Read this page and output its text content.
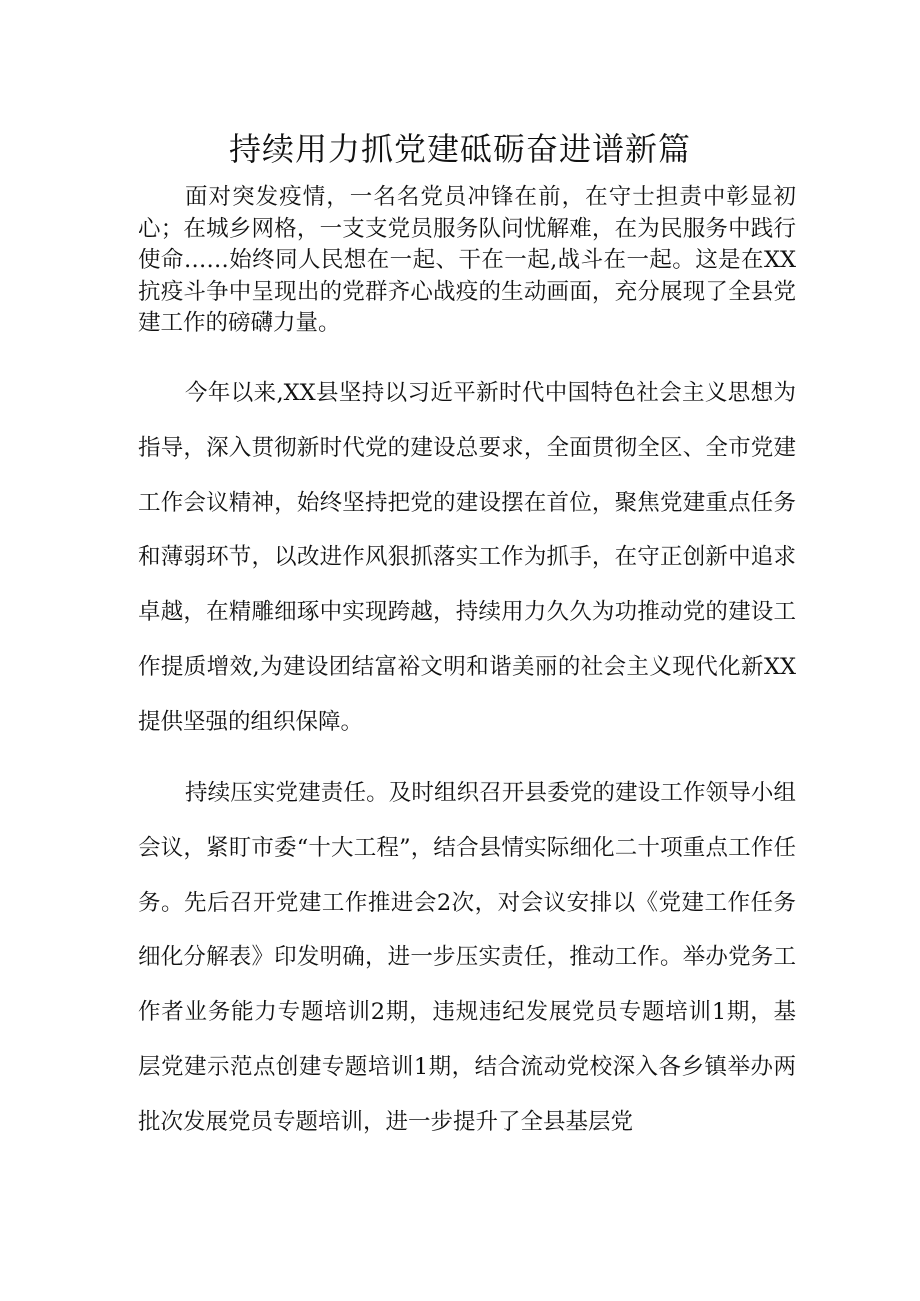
持续用力抓党建砥砺奋进谱新篇

面对突发疫情，一名名党员冲锋在前，在守士担责中彰显初心；在城乡网格，一支支党员服务队问忧解难，在为民服务中践行使命……始终同人民想在一起、干在一起,战斗在一起。这是在XX抗疫斗争中呈现出的党群齐心战疫的生动画面，充分展现了全县党建工作的磅礴力量。

今年以来,XX县坚持以习近平新时代中国特色社会主义思想为指导，深入贯彻新时代党的建设总要求，全面贯彻全区、全市党建工作会议精神，始终坚持把党的建设摆在首位，聚焦党建重点任务和薄弱环节，以改进作风狠抓落实工作为抓手，在守正创新中追求卓越，在精雕细琢中实现跨越，持续用力久久为功推动党的建设工作提质增效,为建设团结富裕文明和谐美丽的社会主义现代化新XX提供坚强的组织保障。

持续压实党建责任。及时组织召开县委党的建设工作领导小组会议，紧盯市委“十大工程”，结合县情实际细化二十项重点工作任务。先后召开党建工作推进会2次，对会议安排以《党建工作任务细化分解表》印发明确，进一步压实责任，推动工作。举办党务工作者业务能力专题培训2期，违规违纪发展党员专题培训1期，基层党建示范点创建专题培训1期，结合流动党校深入各乡镇举办两批次发展党员专题培训，进一步提升了全县基层党
